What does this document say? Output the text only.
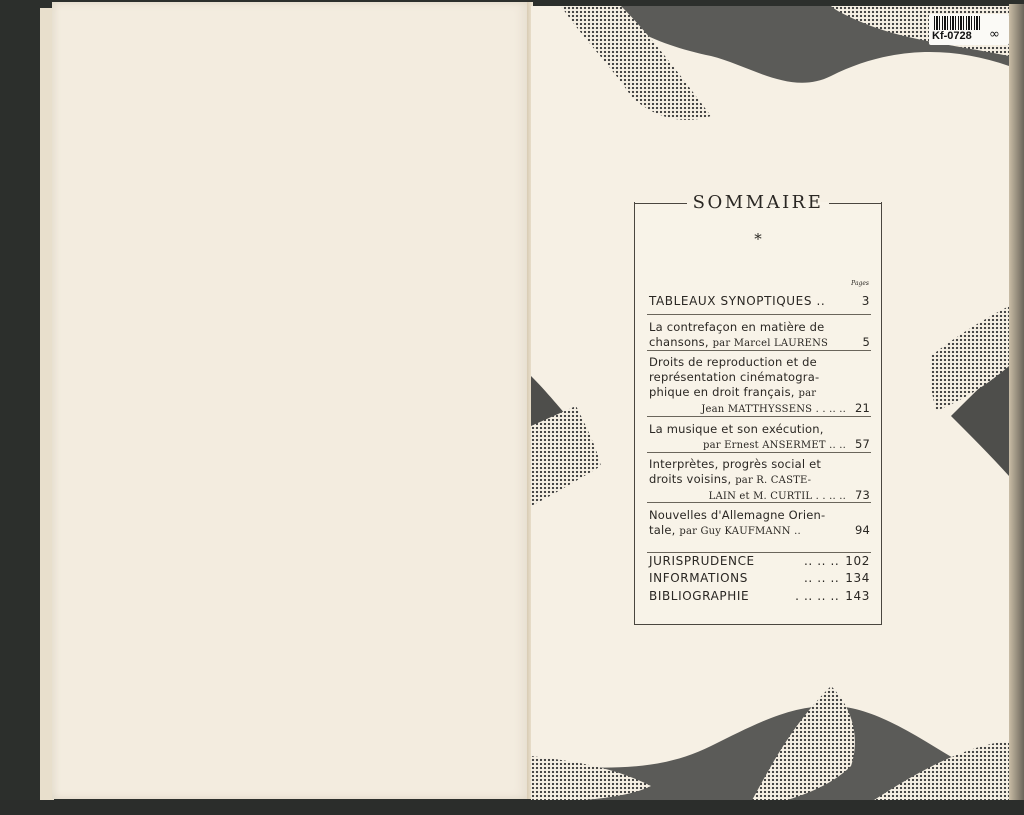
Kf-0728 ∞
SOMMAIRE
*
Pages
TABLEAUX SYNOPTIQUES ..	3
La contrefaçon en matière de
chansons, par Marcel LAURENS	5
Droits de reproduction et de
représentation cinématogra-
phique en droit français, par
Jean MATTHYSSENS . . .. .. 21
La musique et son exécution,
par Ernest ANSERMET .. .. 57
Interprètes, progrès social et
droits voisins, par R. CASTE-
LAIN et M. CURTIL . . .. .. 73
Nouvelles d'Allemagne Orien-
tale, par Guy KAUFMANN ..	94
JURISPRUDENCE	.. .. .. 102
INFORMATIONS	.. .. .. 134
BIBLIOGRAPHIE	. .. .. .. 143
